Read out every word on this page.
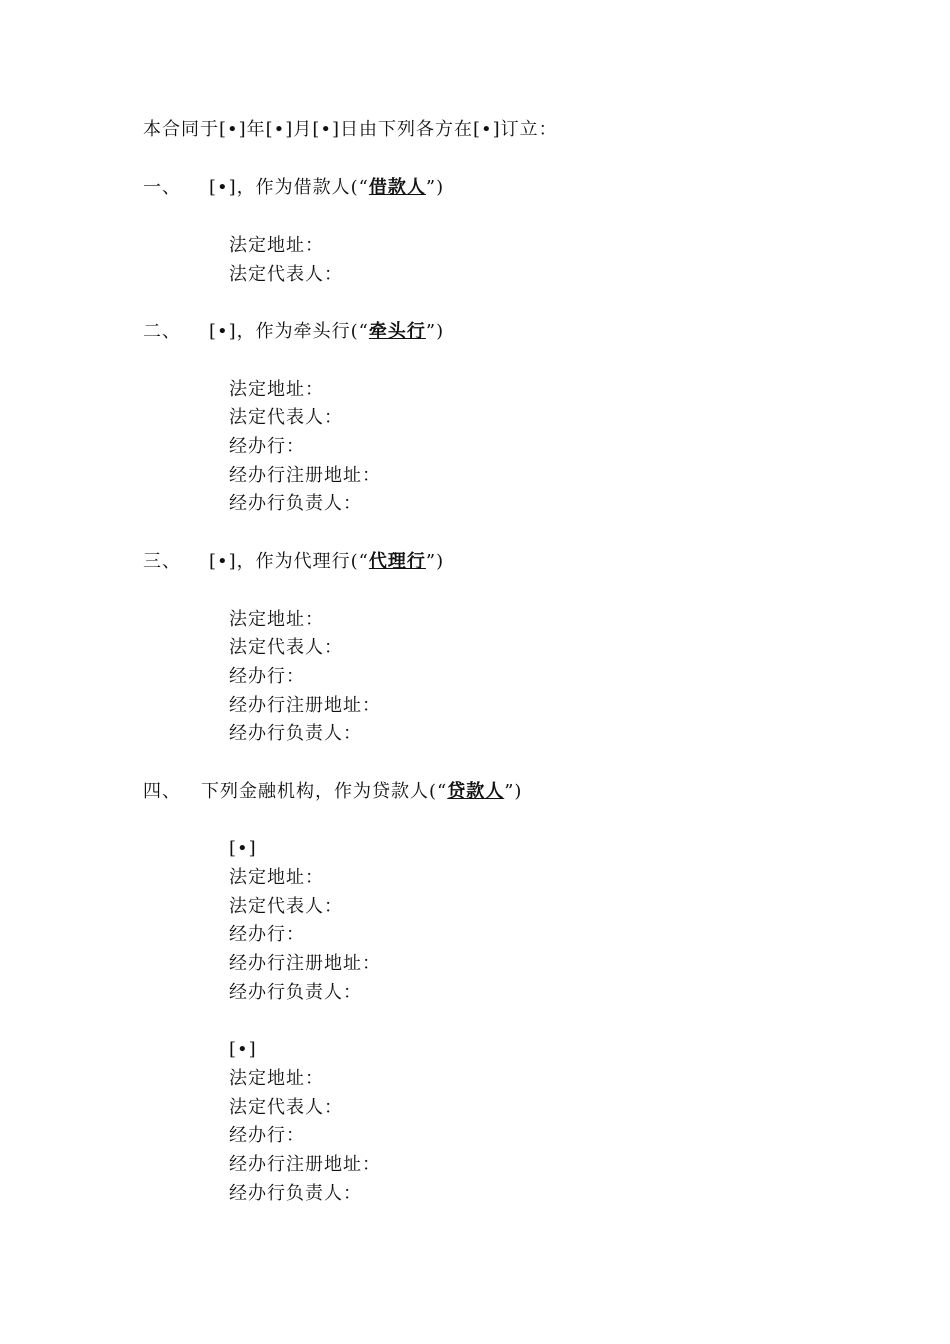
本合同于[•]年[•]月[•]日由下列各方在[•]订立：
一、 [•]，作为借款人(“借款人”)
法定地址：
法定代表人：
二、 [•]，作为牵头行(“牵头行”)
法定地址：
法定代表人：
经办行：
经办行注册地址：
经办行负责人：
三、 [•]，作为代理行(“代理行”)
法定地址：
法定代表人：
经办行：
经办行注册地址：
经办行负责人：
四、 下列金融机构，作为贷款人(“贷款人”)
[•]
法定地址：
法定代表人：
经办行：
经办行注册地址：
经办行负责人：
[•]
法定地址：
法定代表人：
经办行：
经办行注册地址：
经办行负责人：
